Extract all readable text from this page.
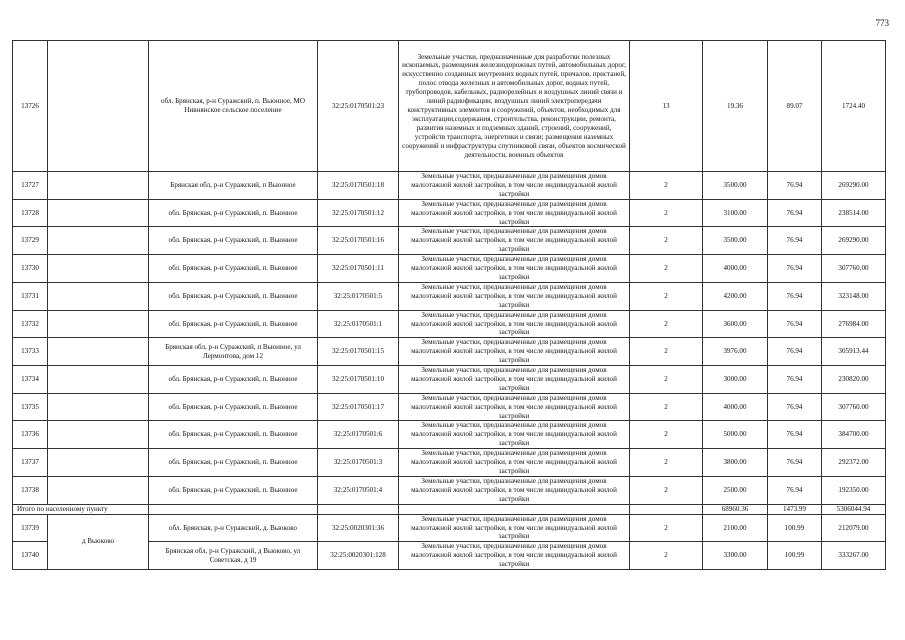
773
13726		обл. Брянская, р-н Суражский, п. Вьюнное, МО Нивнянское сельское поселение	32:25:0170501:23	Земельные участки, предназначенные для разработки полезных ископаемых, размещения железнодорожных путей, автомобильных дорог, искусственно созданных внутренних водных путей, причалов, пристаней, полос отвода железных и автомобильных дорог, водных путей, трубопроводов, кабельных, радиорелейных и воздушных линий связи и линий радиофикации, воздушных линий электропередачи конструктивных элементов и сооружений, объектов, необходимых для эксплуатации,содержания, строительства, реконструкции, ремонта, развития наземных и подземных зданий, строений, сооружений, устройств транспорта, энергетики и связи; размещения наземных сооружений и инфраструктуры спутниковой связи, объектов космической деятельности, военных объектов	13	19.36	89.07	1724.40
13727		Брянская обл, р-н Суражский, п Вьюнное	32:25:0170501:18	Земельные участки, предназначенные для размещения домов малоэтажной жилой застройки, в том числе индивидуальной жилой застройки	2	3500.00	76.94	269290.00
13728		обл. Брянская, р-н Суражский, п. Вьюнное	32:25:0170501:12	Земельные участки, предназначенные для размещения домов малоэтажной жилой застройки, в том числе индивидуальной жилой застройки	2	3100.00	76.94	238514.00
13729		обл. Брянская, р-н Суражский, п. Вьюнное	32:25:0170501:16	Земельные участки, предназначенные для размещения домов малоэтажной жилой застройки, в том числе индивидуальной жилой застройки	2	3500.00	76.94	269290.00
13730		обл. Брянская, р-н Суражский, п. Вьюнное	32:25:0170501:11	Земельные участки, предназначенные для размещения домов малоэтажной жилой застройки, в том числе индивидуальной жилой застройки	2	4000.00	76.94	307760.00
13731		обл. Брянская, р-н Суражский, п. Вьюнное	32:25:0170501:5	Земельные участки, предназначенные для размещения домов малоэтажной жилой застройки, в том числе индивидуальной жилой застройки	2	4200.00	76.94	323148.00
13732		обл. Брянская, р-н Суражский, п. Вьюнное	32:25:0170501:1	Земельные участки, предназначенные для размещения домов малоэтажной жилой застройки, в том числе индивидуальной жилой застройки	2	3600.00	76.94	276984.00
13733		Брянская обл, р-н Суражский, п Вьюнное, ул Лермонтова, дом 12	32:25:0170501:15	Земельные участки, предназначенные для размещения домов малоэтажной жилой застройки, в том числе индивидуальной жилой застройки	2	3976.00	76.94	305913.44
13734		обл. Брянская, р-н Суражский, п. Вьюнное	32:25:0170501:10	Земельные участки, предназначенные для размещения домов малоэтажной жилой застройки, в том числе индивидуальной жилой застройки	2	3000.00	76.94	230820.00
13735		обл. Брянская, р-н Суражский, п. Вьюнное	32:25:0170501:17	Земельные участки, предназначенные для размещения домов малоэтажной жилой застройки, в том числе индивидуальной жилой застройки	2	4000.00	76.94	307760.00
13736		обл. Брянская, р-н Суражский, п. Вьюнное	32:25:0170501:6	Земельные участки, предназначенные для размещения домов малоэтажной жилой застройки, в том числе индивидуальной жилой застройки	2	5000.00	76.94	384700.00
13737		обл. Брянская, р-н Суражский, п. Вьюнное	32:25:0170501:3	Земельные участки, предназначенные для размещения домов малоэтажной жилой застройки, в том числе индивидуальной жилой застройки	2	3800.00	76.94	292372.00
13738		обл. Брянская, р-н Суражский, п. Вьюнное	32:25:0170501:4	Земельные участки, предназначенные для размещения домов малоэтажной жилой застройки, в том числе индивидуальной жилой застройки	2	2500.00	76.94	192350.00
Итого по населенному пункту						68960.36	1473.99	5306044.94
13739	д Вьюково	обл. Брянская, р-н Суражский, д. Вьюково	32:25:0020301:36	Земельные участки, предназначенные для размещения домов малоэтажной жилой застройки, в том числе индивидуальной жилой застройки	2	2100.00	100.99	212079.00
13740		Брянская обл, р-н Суражский, д Вьюково, ул Советская, д 19	32:25:0020301:128	Земельные участки, предназначенные для размещения домов малоэтажной жилой застройки, в том числе индивидуальной жилой застройки	2	3300.00	100.99	333267.00
